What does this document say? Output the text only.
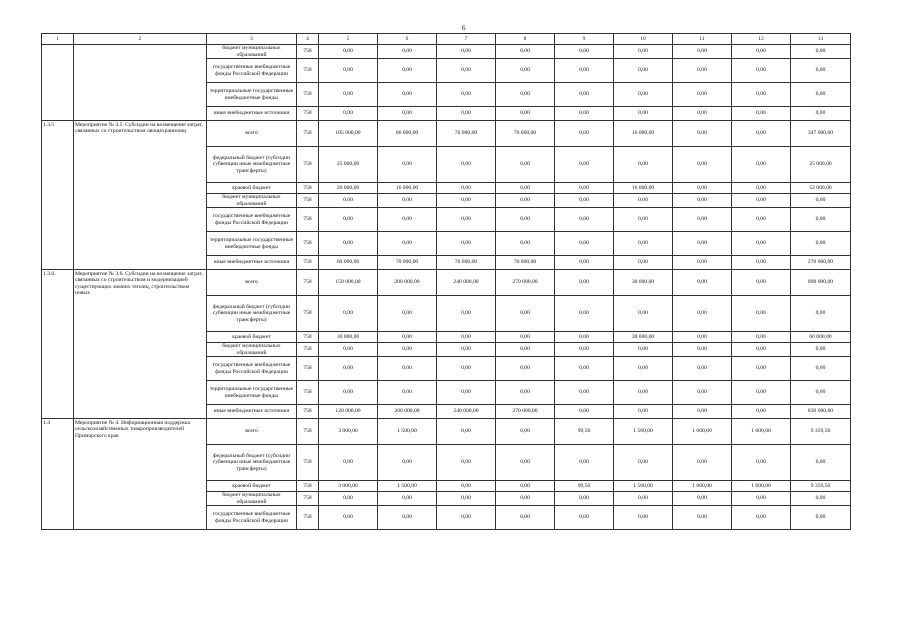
6
1	2	3	4	5	6	7	8	9	10	11	12	13
		бюджет муниципальных образований	758	0,00	0,00	0,00	0,00	0,00	0,00	0,00	0,00	0,00
		государственные внебюджетные фонды Российской Федерации	758	0,00	0,00	0,00	0,00	0,00	0,00	0,00	0,00	0,00
		территориальные государственные внебюджетные фонды	758	0,00	0,00	0,00	0,00	0,00	0,00	0,00	0,00	0,00
		иные внебюджетные источники	758	0,00	0,00	0,00	0,00	0,00	0,00	0,00	0,00	0,00
1.3.5	Мероприятие № 3.5. Субсидии на возмещение затрат, связанных со строительством овощехранилищ	всего	758	105 000,00	86 000,00	70 000,00	70 000,00	0,00	16 000,00	0,00	0,00	347 000,00
		федеральный бюджет (субсидии субвенции иные межбюджетные трансферты)	758	25 000,00	0,00	0,00	0,00	0,00	0,00	0,00	0,00	25 000,00
		краевой бюджет	758	20 000,00	16 000,00	0,00	0,00	0,00	16 000,00	0,00	0,00	52 000,00
		бюджет муниципальных образований	758	0,00	0,00	0,00	0,00	0,00	0,00	0,00	0,00	0,00
		государственные внебюджетные фонды Российской Федерации	758	0,00	0,00	0,00	0,00	0,00	0,00	0,00	0,00	0,00
		территориальные государственные внебюджетные фонды	758	0,00	0,00	0,00	0,00	0,00	0,00	0,00	0,00	0,00
		иные внебюджетные источники	758	60 000,00	70 000,00	70 000,00	70 000,00	0,00	0,00	0,00	0,00	270 000,00
1.3.6.	Мероприятие № 3.6. Субсидии на возмещение затрат, связанных со строительством и модернизацией существующих зимних теплиц, строительством новых	всего	758	150 000,00	200 000,00	240 000,00	270 000,00	0,00	30 000,00	0,00	0,00	890 000,00
		федеральный бюджет (субсидии субвенции иные межбюджетные трансферты)	758	0,00	0,00	0,00	0,00	0,00	0,00	0,00	0,00	0,00
		краевой бюджет	758	30 000,00	0,00	0,00	0,00	0,00	30 000,00	0,00	0,00	60 000,00
		бюджет муниципальных образований	758	0,00	0,00	0,00	0,00	0,00	0,00	0,00	0,00	0,00
		государственные внебюджетные фонды Российской Федерации	758	0,00	0,00	0,00	0,00	0,00	0,00	0,00	0,00	0,00
		территориальные государственные внебюджетные фонды	758	0,00	0,00	0,00	0,00	0,00	0,00	0,00	0,00	0,00
		иные внебюджетные источники	758	120 000,00	200 000,00	240 000,00	270 000,00	0,00	0,00	0,00	0,00	830 000,00
1.4	Мероприятие № 4. Информационная поддержка сельскохозяйственных товаропроизводителей Приморского края	всего	758	3 000,00	1 500,00	0,00	0,00	99,50	1 560,00	1 600,00	1 600,00	9 359,50
		федеральный бюджет (субсидии субвенции иные межбюджетные трансферты)	758	0,00	0,00	0,00	0,00	0,00	0,00	0,00	0,00	0,00
		краевой бюджет	758	3 000,00	1 500,00	0,00	0,00	99,50	1 560,00	1 600,00	1 600,00	9 359,50
		бюджет муниципальных образований	758	0,00	0,00	0,00	0,00	0,00	0,00	0,00	0,00	0,00
		государственные внебюджетные фонды Российской Федерации	758	0,00	0,00	0,00	0,00	0,00	0,00	0,00	0,00	0,00
